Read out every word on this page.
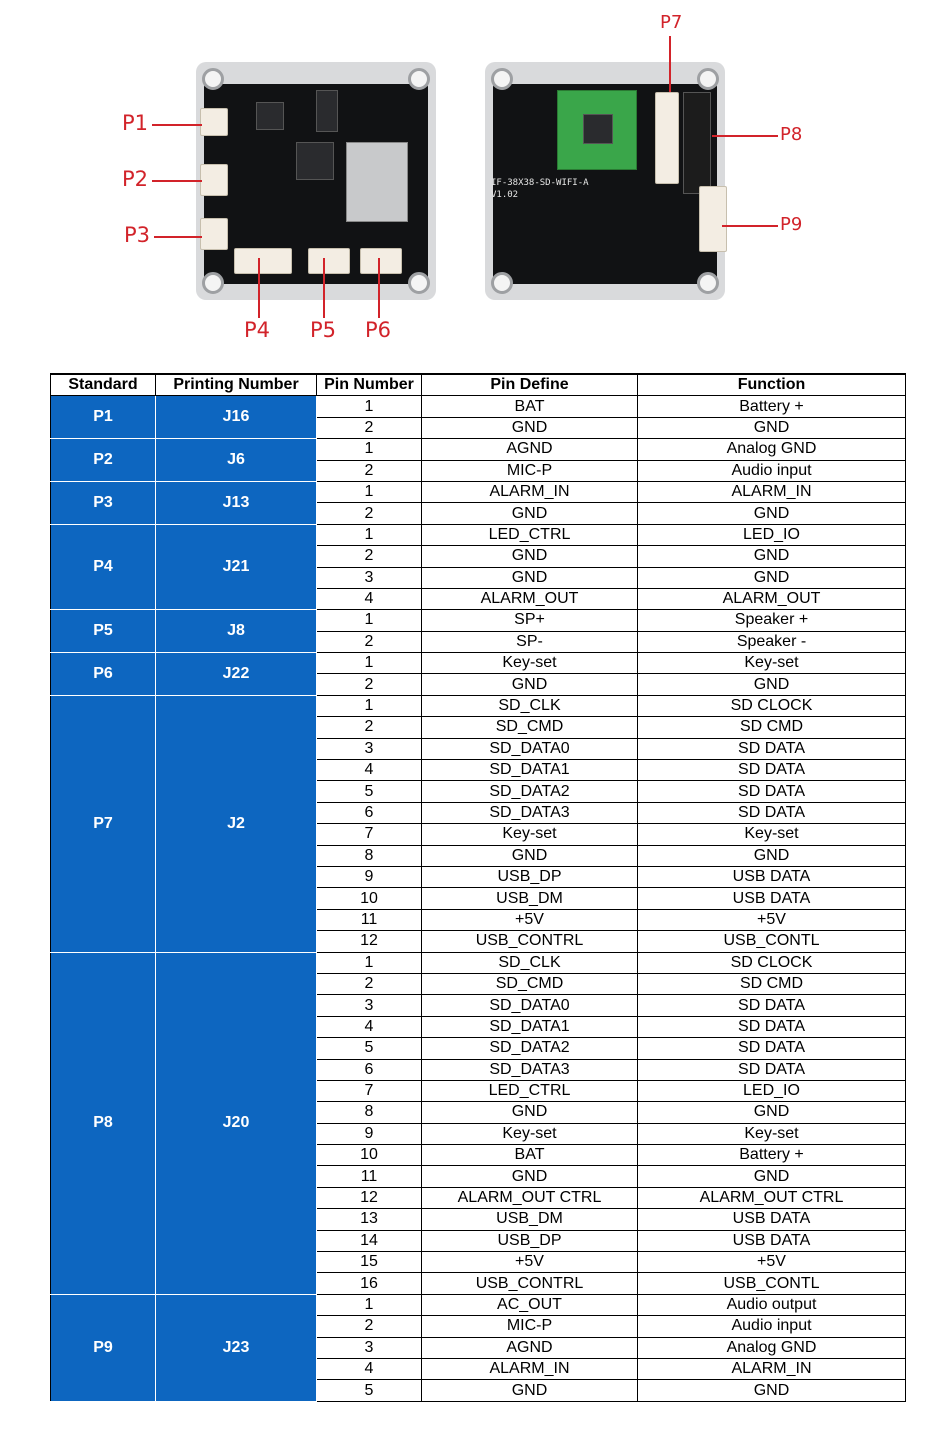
IF-38X38-SD-WIFI-A
V1.02
P1
P2
P3
P4 P5 P6
P7
P8
P9
Standard	Printing Number	Pin Number	Pin Define	Function
P1	J16	1	BAT	Battery +
		2	GND	GND
P2	J6	1	AGND	Analog GND
		2	MIC-P	Audio input
P3	J13	1	ALARM_IN	ALARM_IN
		2	GND	GND
P4	J21	1	LED_CTRL	LED_IO
		2	GND	GND
		3	GND	GND
		4	ALARM_OUT	ALARM_OUT
P5	J8	1	SP+	Speaker +
		2	SP-	Speaker -
P6	J22	1	Key-set	Key-set
		2	GND	GND
P7	J2	1	SD_CLK	SD CLOCK
		2	SD_CMD	SD CMD
		3	SD_DATA0	SD DATA
		4	SD_DATA1	SD DATA
		5	SD_DATA2	SD DATA
		6	SD_DATA3	SD DATA
		7	Key-set	Key-set
		8	GND	GND
		9	USB_DP	USB DATA
		10	USB_DM	USB DATA
		11	+5V	+5V
		12	USB_CONTRL	USB_CONTL
P8	J20	1	SD_CLK	SD CLOCK
		2	SD_CMD	SD CMD
		3	SD_DATA0	SD DATA
		4	SD_DATA1	SD DATA
		5	SD_DATA2	SD DATA
		6	SD_DATA3	SD DATA
		7	LED_CTRL	LED_IO
		8	GND	GND
		9	Key-set	Key-set
		10	BAT	Battery +
		11	GND	GND
		12	ALARM_OUT CTRL	ALARM_OUT CTRL
		13	USB_DM	USB DATA
		14	USB_DP	USB DATA
		15	+5V	+5V
		16	USB_CONTRL	USB_CONTL
P9	J23	1	AC_OUT	Audio output
		2	MIC-P	Audio input
		3	AGND	Analog GND
		4	ALARM_IN	ALARM_IN
		5	GND	GND
